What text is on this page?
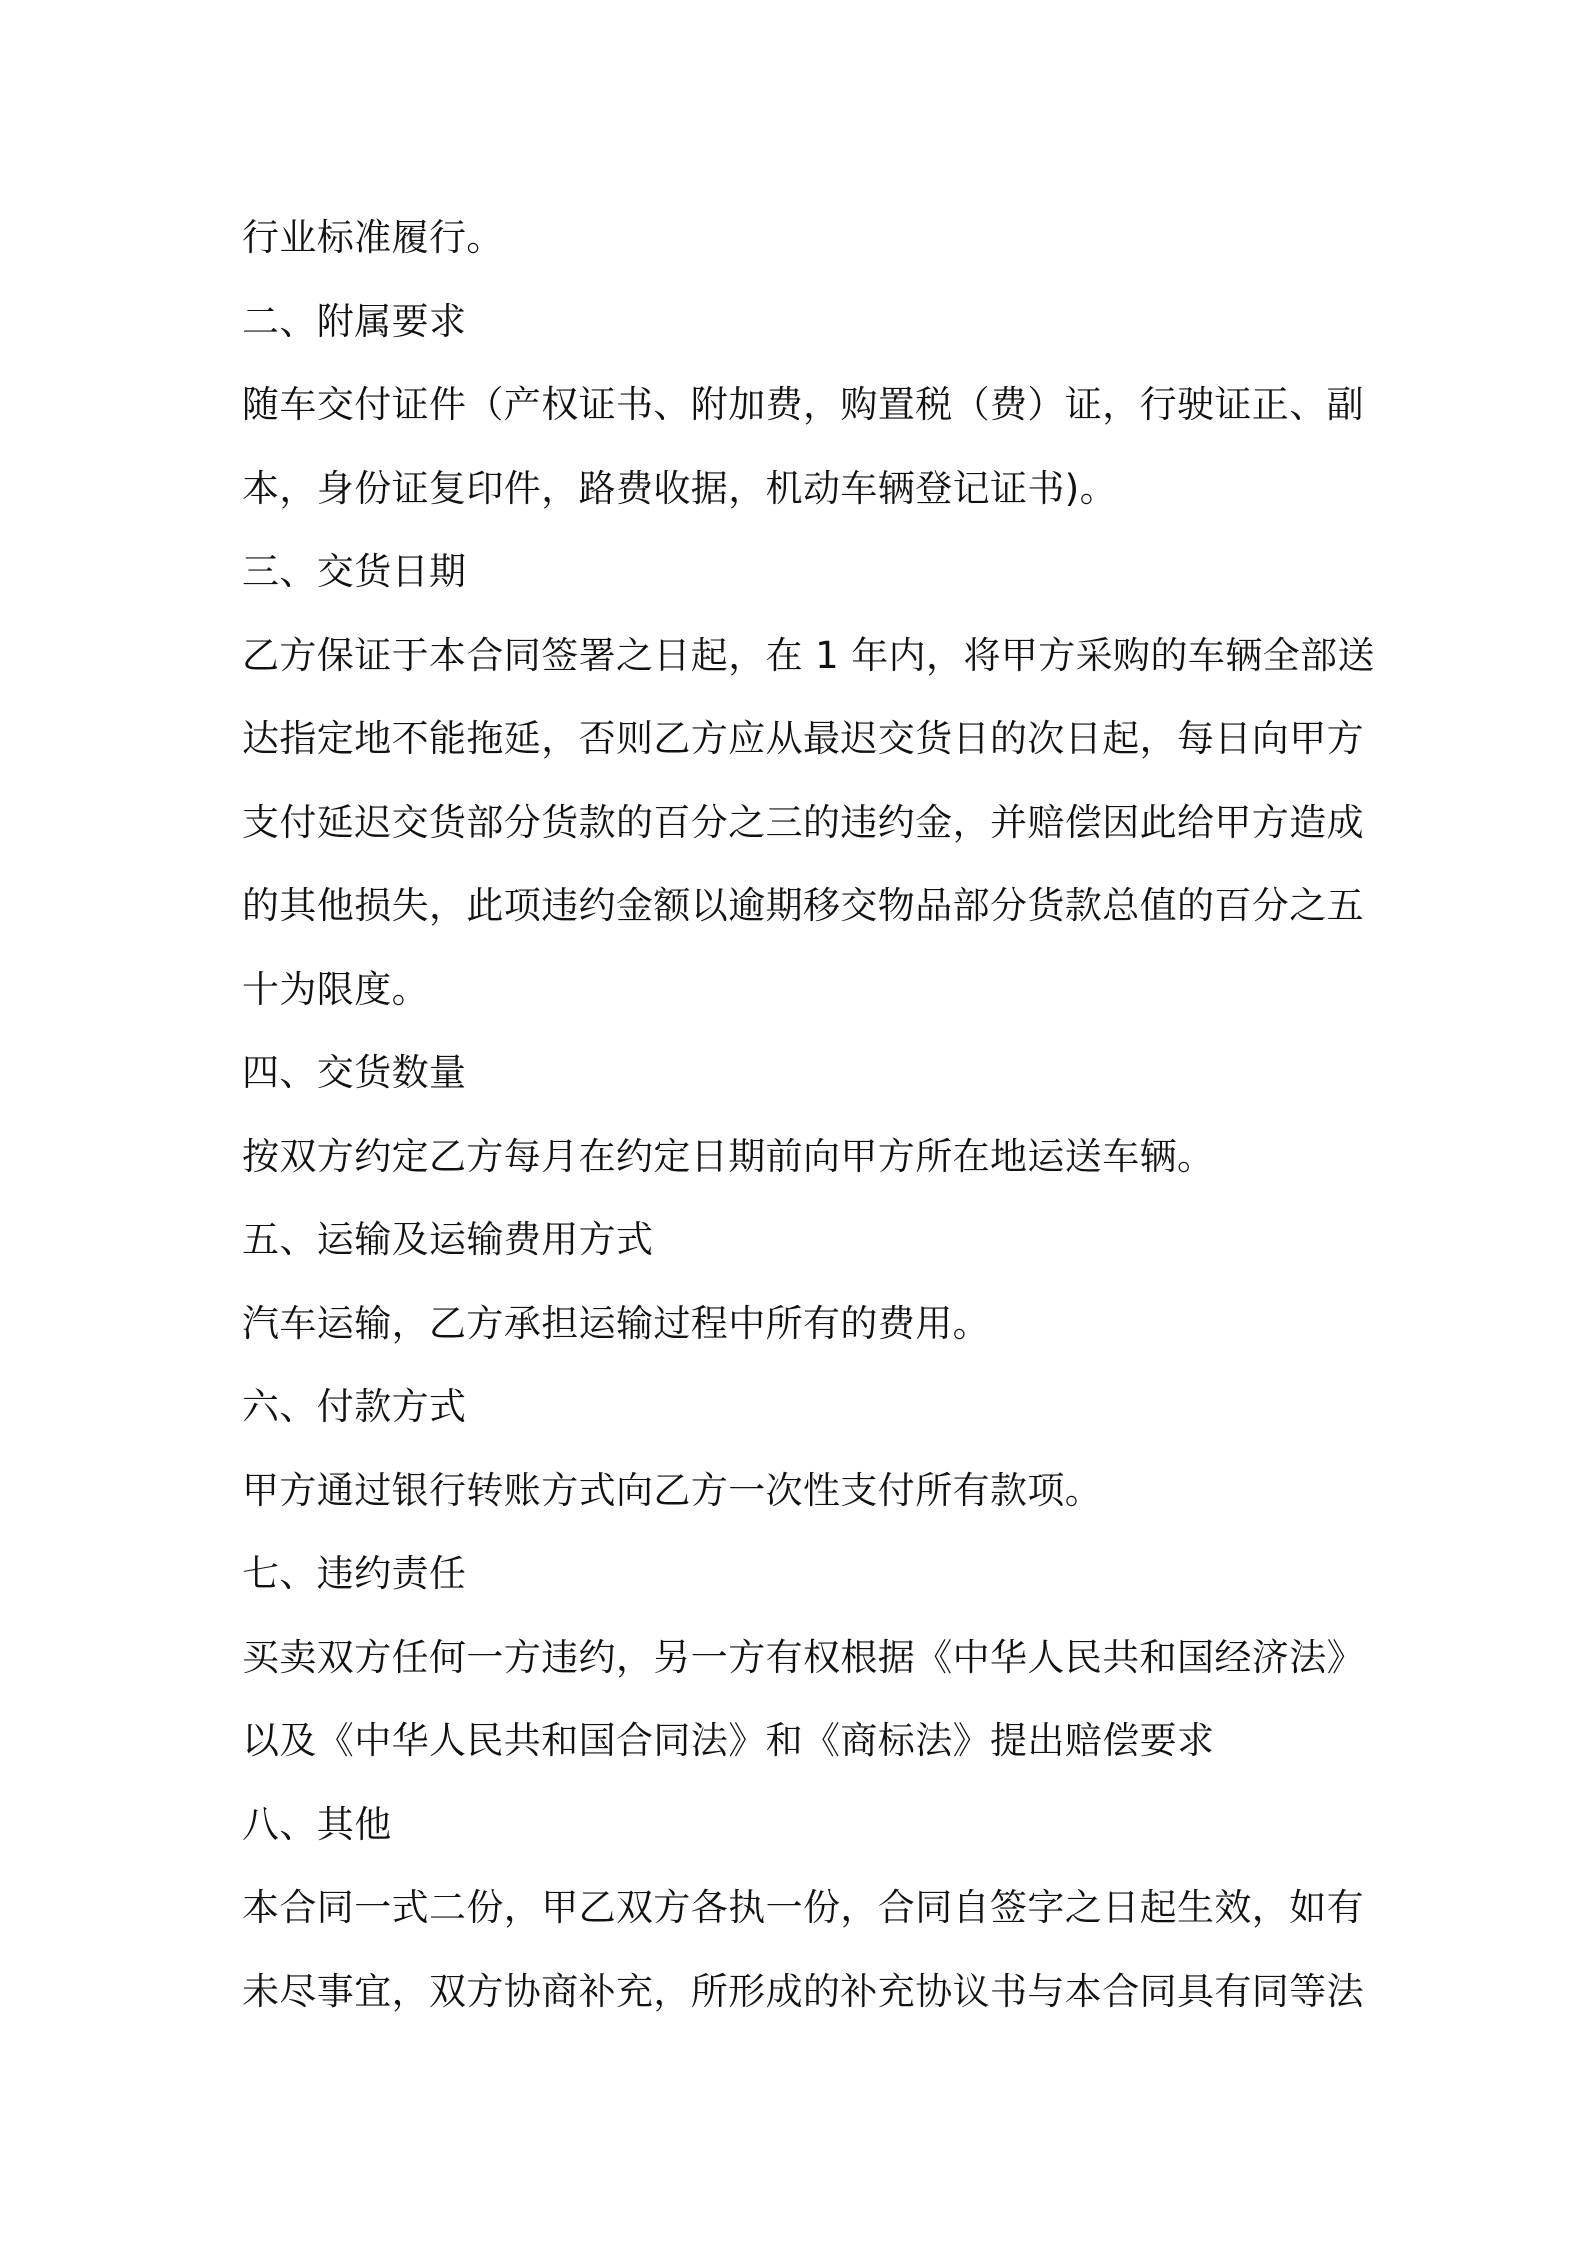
行业标准履行。
二、附属要求
随车交付证件（产权证书、附加费，购置税（费）证，行驶证正、副
本，身份证复印件，路费收据，机动车辆登记证书)。
三、交货日期
乙方保证于本合同签署之日起，在 1 年内，将甲方采购的车辆全部送
达指定地不能拖延，否则乙方应从最迟交货日的次日起，每日向甲方
支付延迟交货部分货款的百分之三的违约金，并赔偿因此给甲方造成
的其他损失，此项违约金额以逾期移交物品部分货款总值的百分之五
十为限度。
四、交货数量
按双方约定乙方每月在约定日期前向甲方所在地运送车辆。
五、运输及运输费用方式
汽车运输，乙方承担运输过程中所有的费用。
六、付款方式
甲方通过银行转账方式向乙方一次性支付所有款项。
七、违约责任
买卖双方任何一方违约，另一方有权根据《中华人民共和国经济法》
以及《中华人民共和国合同法》和《商标法》提出赔偿要求
八、其他
本合同一式二份，甲乙双方各执一份，合同自签字之日起生效，如有
未尽事宜，双方协商补充，所形成的补充协议书与本合同具有同等法
